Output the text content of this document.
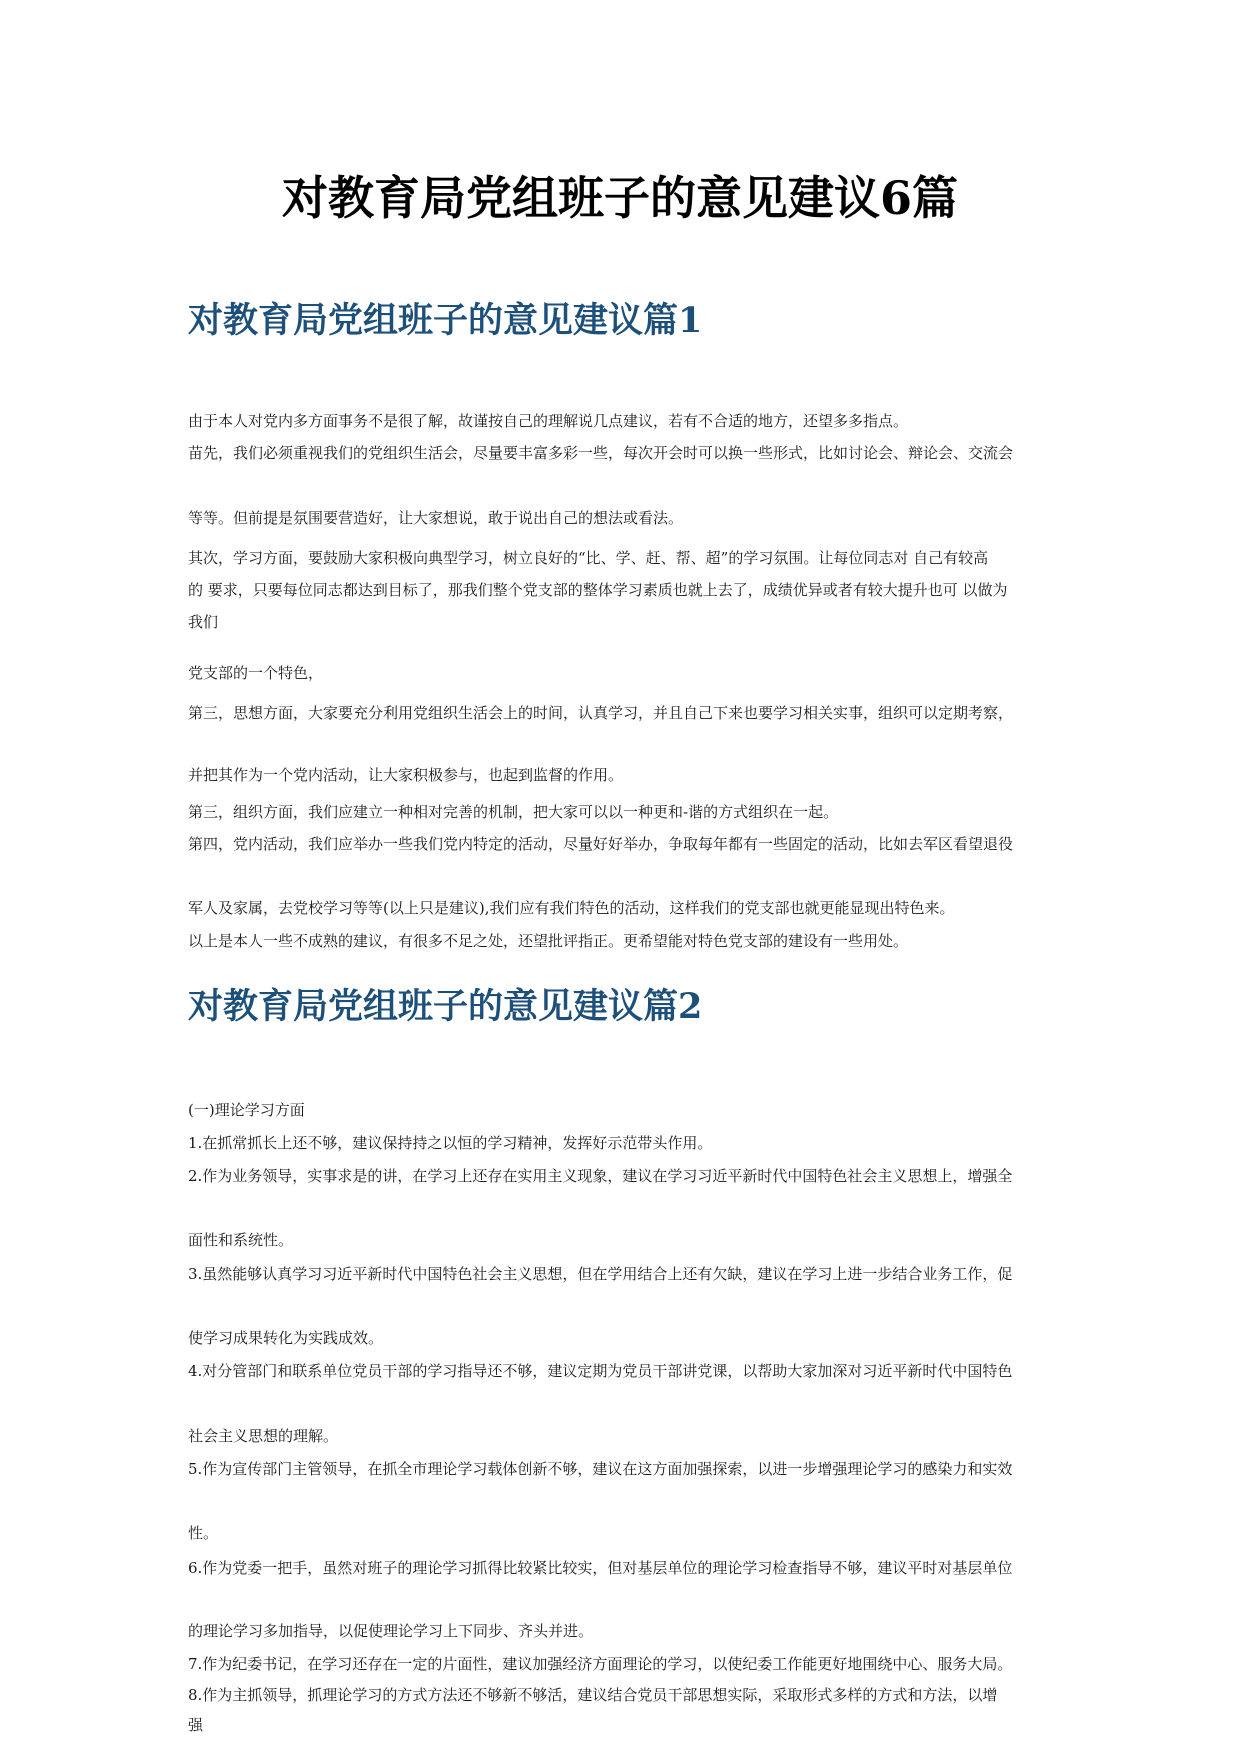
对教育局党组班子的意见建议6篇
对教育局党组班子的意见建议篇1
由于本人对党内多方面事务不是很了解，故谨按自己的理解说几点建议，若有不合适的地方，还望多多指点。
苗先，我们必须重视我们的党组织生活会，尽量要丰富多彩一些，每次开会时可以换一些形式，比如讨论会、辩论会、交流会
等等。但前提是氛围要营造好，让大家想说，敢于说出自己的想法或看法。
其次，学习方面，要鼓励大家积极向典型学习，树立良好的“比、学、赶、帮、超”的学习氛围。让每位同志对 自己有较高
的 要求，只要每位同志都达到目标了，那我们整个党支部的整体学习素质也就上去了，成绩优异或者有较大提升也可 以做为
我们
党支部的一个特色，
第三，思想方面，大家要充分利用党组织生活会上的时间，认真学习，并且自己下来也要学习相关实事，组织可以定期考察，
并把其作为一个党内活动，让大家积极参与，也起到监督的作用。
第三，组织方面，我们应建立一种相对完善的机制，把大家可以以一种更和-谐的方式组织在一起。
第四，党内活动，我们应举办一些我们党内特定的活动，尽量好好举办，争取每年都有一些固定的活动，比如去军区看望退役
军人及家属，去党校学习等等(以上只是建议),我们应有我们特色的活动，这样我们的党支部也就更能显现出特色来。
以上是本人一些不成熟的建议，有很多不足之处，还望批评指正。更希望能对特色党支部的建设有一些用处。
对教育局党组班子的意见建议篇2
(一)理论学习方面
1.在抓常抓长上还不够，建议保持持之以恒的学习精神，发挥好示范带头作用。
2.作为业务领导，实事求是的讲，在学习上还存在实用主义现象，建议在学习习近平新时代中国特色社会主义思想上，增强全
面性和系统性。
3.虽然能够认真学习习近平新时代中国特色社会主义思想，但在学用结合上还有欠缺，建议在学习上进一步结合业务工作，促
使学习成果转化为实践成效。
4.对分管部门和联系单位党员干部的学习指导还不够，建议定期为党员干部讲党课，以帮助大家加深对习近平新时代中国特色
社会主义思想的理解。
5.作为宣传部门主管领导，在抓全市理论学习载体创新不够，建议在这方面加强探索，以进一步增强理论学习的感染力和实效
性。
6.作为党委一把手，虽然对班子的理论学习抓得比较紧比较实，但对基层单位的理论学习检查指导不够，建议平时对基层单位
的理论学习多加指导，以促使理论学习上下同步、齐头并进。
7.作为纪委书记，在学习还存在一定的片面性，建议加强经济方面理论的学习，以使纪委工作能更好地围绕中心、服务大局。
8.作为主抓领导，抓理论学习的方式方法还不够新不够活，建议结合党员干部思想实际，采取形式多样的方式和方法，以增
强
